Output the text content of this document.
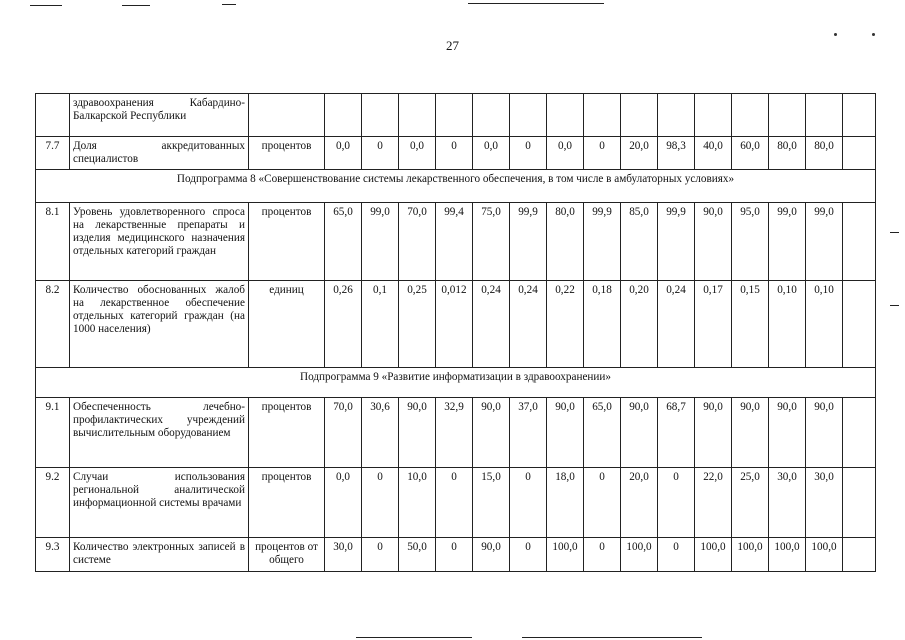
27
	здравоохранения Кабардино-Балкарской Республики																
7.7	Доля аккредитованных специалистов	процентов	0,0	0	0,0	0	0,0	0	0,0	0	20,0	98,3	40,0	60,0	80,0	80,0	
Подпрограмма 8 «Совершенствование системы лекарственного обеспечения, в том числе в амбулаторных условиях»																	
8.1	Уровень удовлетворенного спроса на лекарственные препараты и изделия медицинского назначения отдельных категорий граждан	процентов	65,0	99,0	70,0	99,4	75,0	99,9	80,0	99,9	85,0	99,9	90,0	95,0	99,0	99,0	
8.2	Количество обоснованных жалоб на лекарственное обеспечение отдельных категорий граждан (на 1000 населения)	единиц	0,26	0,1	0,25	0,012	0,24	0,24	0,22	0,18	0,20	0,24	0,17	0,15	0,10	0,10	
Подпрограмма 9 «Развитие информатизации в здравоохранении»																	
9.1	Обеспеченность лечебно-профилактических учреждений вычислительным оборудованием	процентов	70,0	30,6	90,0	32,9	90,0	37,0	90,0	65,0	90,0	68,7	90,0	90,0	90,0	90,0	
9.2	Случаи использования региональной аналитической информационной системы врачами	процентов	0,0	0	10,0	0	15,0	0	18,0	0	20,0	0	22,0	25,0	30,0	30,0	
9.3	Количество электронных записей в системе	процентов от общего	30,0	0	50,0	0	90,0	0	100,0	0	100,0	0	100,0	100,0	100,0	100,0	
